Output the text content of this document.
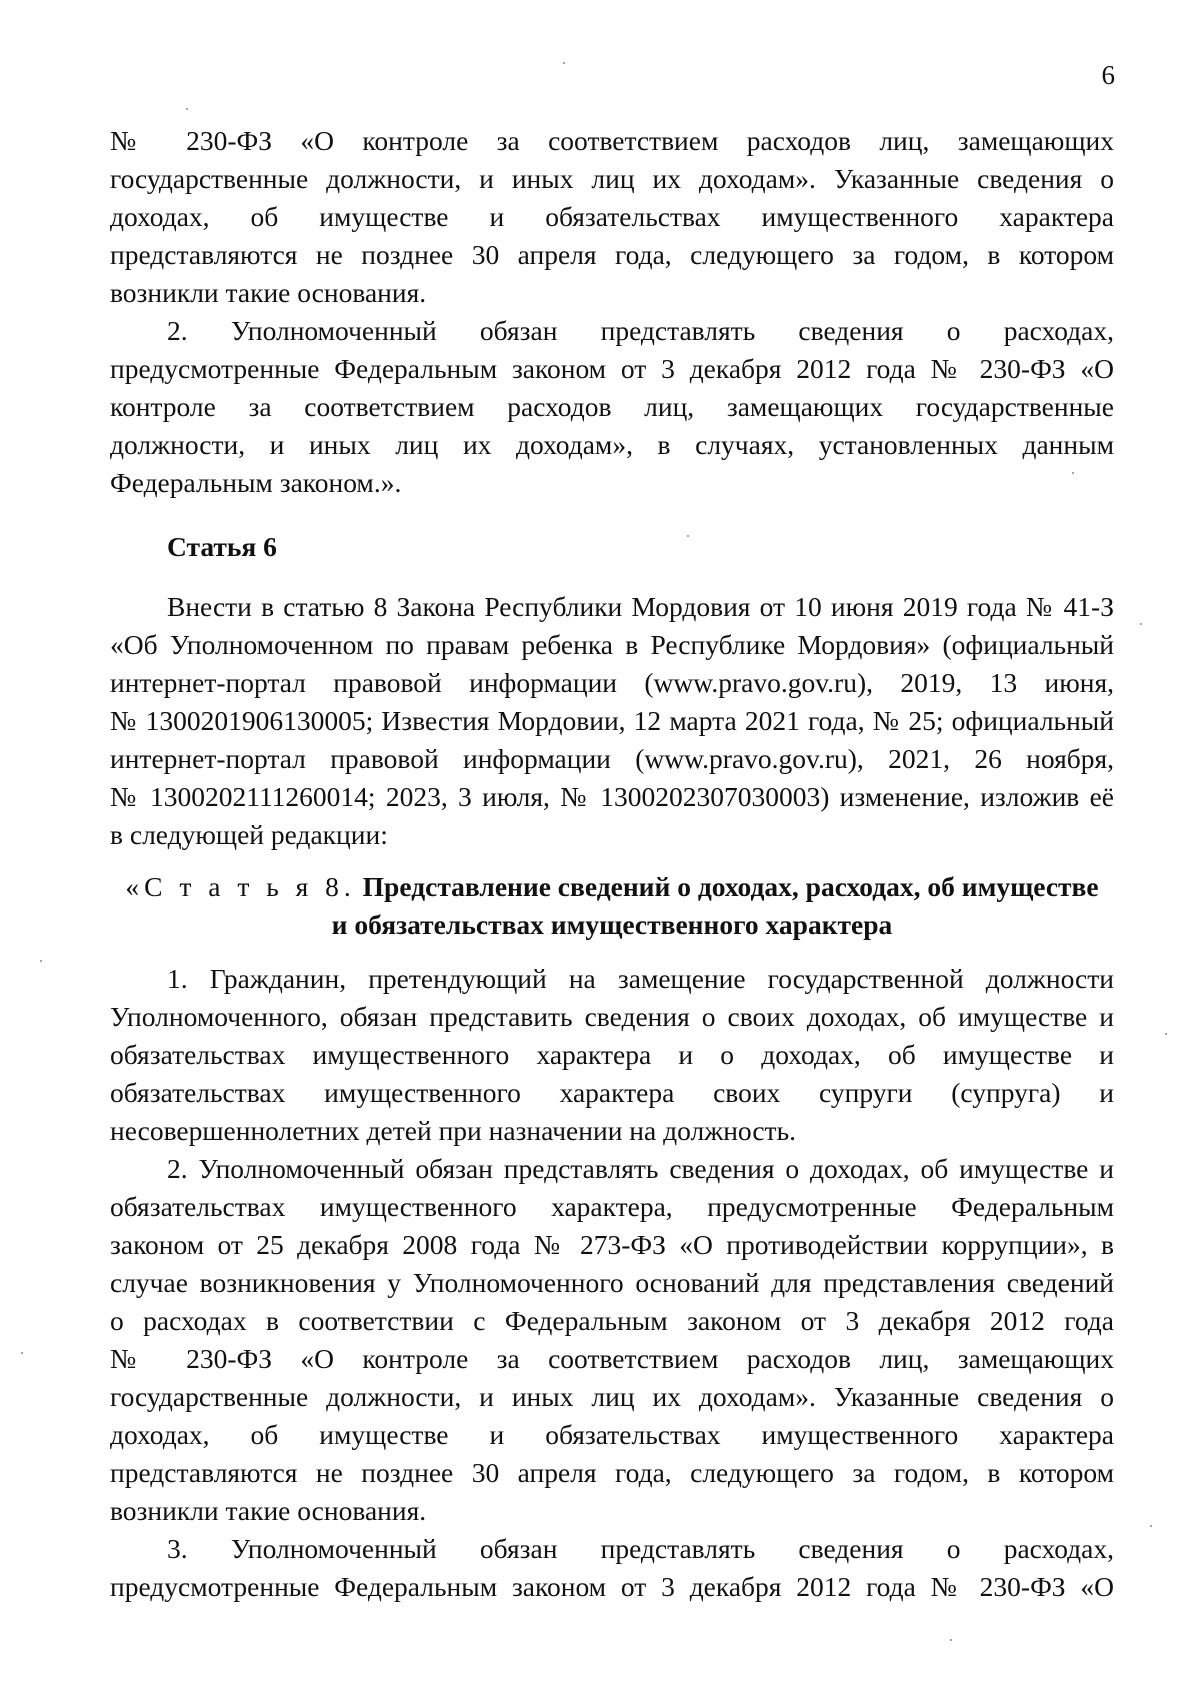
6
№ 230-ФЗ «О контроле за соответствием расходов лиц, замещающих
государственные должности, и иных лиц их доходам». Указанные сведения о
доходах, об имуществе и обязательствах имущественного характера
представляются не позднее 30 апреля года, следующего за годом, в котором
возникли такие основания.
2. Уполномоченный обязан представлять сведения о расходах,
предусмотренные Федеральным законом от 3 декабря 2012 года № 230-ФЗ «О
контроле за соответствием расходов лиц, замещающих государственные
должности, и иных лиц их доходам», в случаях, установленных данным
Федеральным законом.».
Статья 6
Внести в статью 8 Закона Республики Мордовия от 10 июня 2019 года № 41-З
«Об Уполномоченном по правам ребенка в Республике Мордовия» (официальный
интернет-портал правовой информации (www.pravo.gov.ru), 2019, 13 июня,
№ 1300201906130005; Известия Мордовии, 12 марта 2021 года, № 25; официальный
интернет-портал правовой информации (www.pravo.gov.ru), 2021, 26 ноября,
№ 1300202111260014; 2023, 3 июля, № 1300202307030003) изменение, изложив её
в следующей редакции:
«С т а т ь я 8. Представление сведений о доходах, расходах, об имуществе
и обязательствах имущественного характера
1. Гражданин, претендующий на замещение государственной должности
Уполномоченного, обязан представить сведения о своих доходах, об имуществе и
обязательствах имущественного характера и о доходах, об имуществе и
обязательствах имущественного характера своих супруги (супруга) и
несовершеннолетних детей при назначении на должность.
2. Уполномоченный обязан представлять сведения о доходах, об имуществе и
обязательствах имущественного характера, предусмотренные Федеральным
законом от 25 декабря 2008 года № 273-ФЗ «О противодействии коррупции», в
случае возникновения у Уполномоченного оснований для представления сведений
о расходах в соответствии с Федеральным законом от 3 декабря 2012 года
№ 230-ФЗ «О контроле за соответствием расходов лиц, замещающих
государственные должности, и иных лиц их доходам». Указанные сведения о
доходах, об имуществе и обязательствах имущественного характера
представляются не позднее 30 апреля года, следующего за годом, в котором
возникли такие основания.
3. Уполномоченный обязан представлять сведения о расходах,
предусмотренные Федеральным законом от 3 декабря 2012 года № 230-ФЗ «О
